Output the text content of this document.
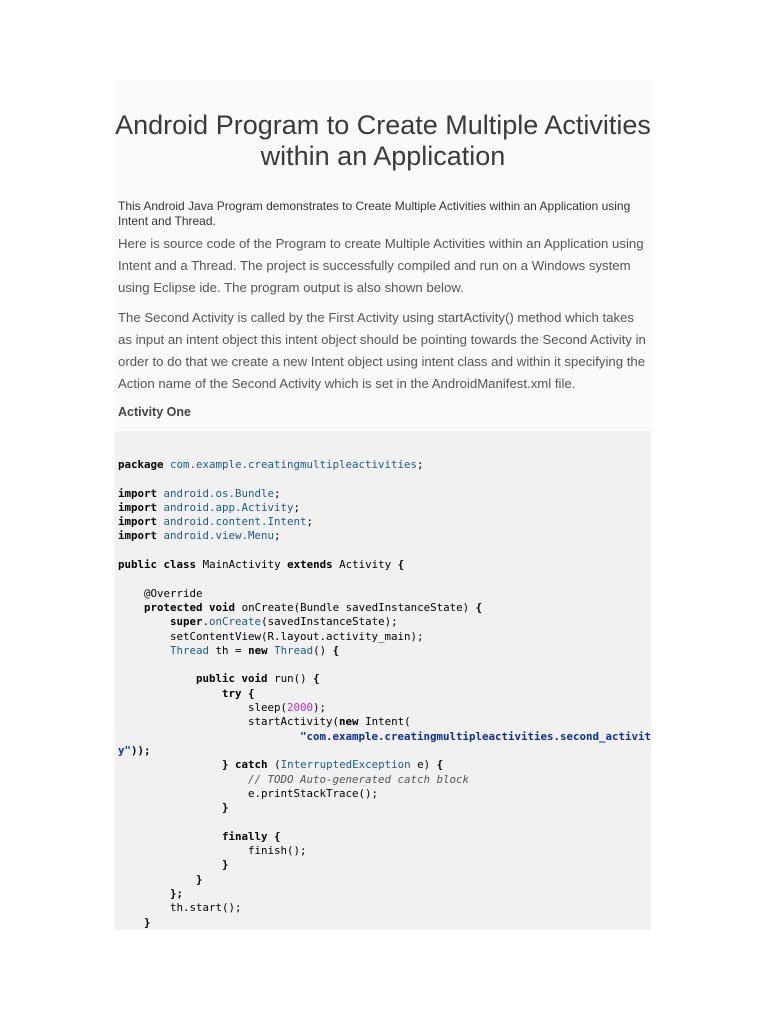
Android Program to Create Multiple Activities within an Application

This Android Java Program demonstrates to Create Multiple Activities within an Application using Intent and Thread.

Here is source code of the Program to create Multiple Activities within an Application using Intent and a Thread. The project is successfully compiled and run on a Windows system using Eclipse ide. The program output is also shown below.

The Second Activity is called by the First Activity using startActivity() method which takes as input an intent object this intent object should be pointing towards the Second Activity in order to do that we create a new Intent object using intent class and within it specifying the Action name of the Second Activity which is set in the AndroidManifest.xml file.

Activity One

package com.example.creatingmultipleactivities;

import android.os.Bundle;
import android.app.Activity;
import android.content.Intent;
import android.view.Menu;

public class MainActivity extends Activity {

@Override
protected void onCreate(Bundle savedInstanceState) {
super.onCreate(savedInstanceState);
setContentView(R.layout.activity_main);
Thread th = new Thread() {

public void run() {
try {
sleep(2000);
startActivity(new Intent(
"com.example.creatingmultipleactivities.second_activit
y"));
} catch (InterruptedException e) {
// TODO Auto-generated catch block
e.printStackTrace();
}

finally {
finish();
}
}
};
th.start();
}
